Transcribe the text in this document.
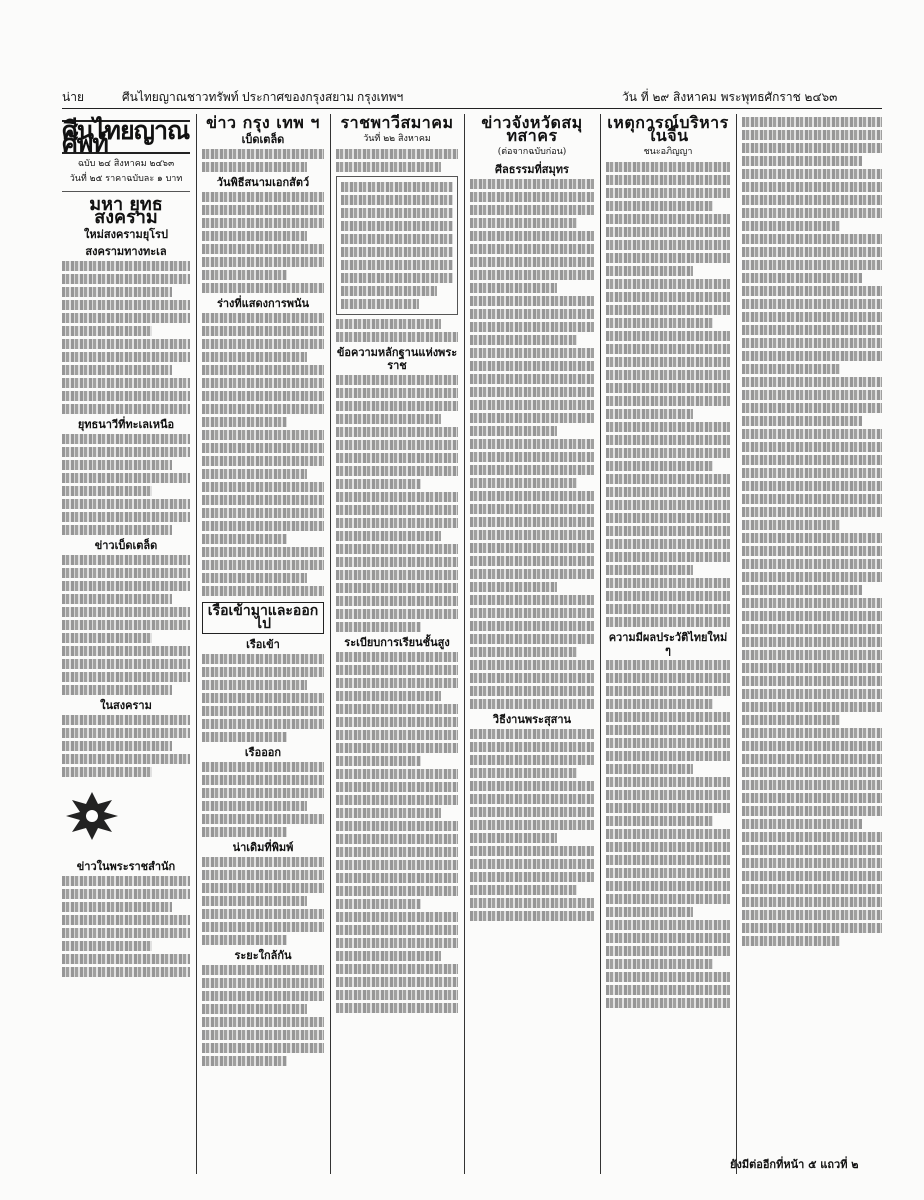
น่าย	ศีนไทยญาณชาวทรัพท์ ประกาศของกรุงสยาม กรุงเทพฯ	วัน ที่ ๒๙ สิงหาคม พระพุทธศักราช ๒๔๖๓
ศีนไทยญาณศัพท์
ฉบับ ๒๔ สิงหาคม ๒๔๖๓
วันที่ ๒๕ ราคาฉบับละ ๑ บาท
มหา ยุทธสงคราม
ใหม่สงครามยุโรป
สงครามทางทะเล
ยุทธนาวีที่ทะเลเหนือ
ข่าวเบ็ดเตล็ด
ในสงคราม
ข่าวในพระราชสำนัก
ข่าว กรุง เทพ ฯ
เบ็ดเตล็ด
วันพิธีสนามเอกสัตว์
ร่างที่แสดงการพนัน
เรือเข้ามาและออกไป
เรือเข้า
เรือออก
น่าเดิมที่พิมพ์
ระยะใกล้กัน
ราชพาวีสมาคม
วันที่ ๒๒ สิงหาคม
ข้อความหลักฐานแห่งพระราช
ระเบียบการเรียนชั้นสูง
ข่าวจังหวัดสมุทสาคร
(ต่อจากฉบับก่อน)
ศีลธรรมที่สมุทร
วิธีงานพระสุสาน
เหตุการณ์บริหารในจีน
ชนะอภิญญา
ความมีผลประวัติไทยใหม่ ๆ
ยังมีต่ออีกที่หน้า ๕ แถวที่ ๒
